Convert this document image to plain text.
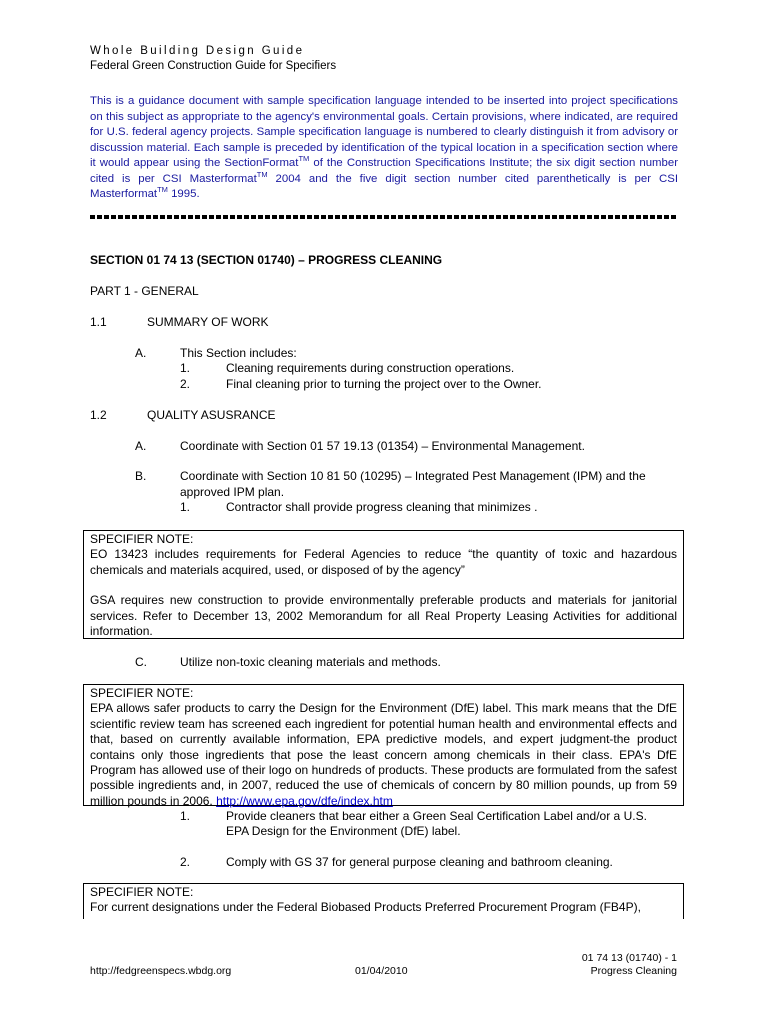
Whole Building Design Guide
Federal Green Construction Guide for Specifiers
This is a guidance document with sample specification language intended to be inserted into project specifications on this subject as appropriate to the agency's environmental goals. Certain provisions, where indicated, are required for U.S. federal agency projects. Sample specification language is numbered to clearly distinguish it from advisory or discussion material. Each sample is preceded by identification of the typical location in a specification section where it would appear using the SectionFormat™ of the Construction Specifications Institute; the six digit section number cited is per CSI Masterformat™ 2004 and the five digit section number cited parenthetically is per CSI Masterformat™ 1995.
SECTION 01 74 13 (SECTION 01740) – PROGRESS CLEANING
PART 1 - GENERAL
1.1	SUMMARY OF WORK
A.	This Section includes:
1.	Cleaning requirements during construction operations.
2.	Final cleaning prior to turning the project over to the Owner.
1.2	QUALITY ASUSRANCE
A.	Coordinate with Section 01 57 19.13 (01354) – Environmental Management.
B.	Coordinate with Section 10 81 50 (10295) – Integrated Pest Management (IPM) and the
approved IPM plan.
1.	Contractor shall provide progress cleaning that minimizes .

SPECIFIER NOTE:

EO 13423 includes requirements for Federal Agencies to reduce “the quantity of toxic and hazardous chemicals and materials acquired, used, or disposed of by the agency”

GSA requires new construction to provide environmentally preferable products and materials for janitorial services. Refer to December 13, 2002 Memorandum for all Real Property Leasing Activities for additional information.

C.	Utilize non-toxic cleaning materials and methods.

SPECIFIER NOTE:

EPA allows safer products to carry the Design for the Environment (DfE) label. This mark means that the DfE scientific review team has screened each ingredient for potential human health and environmental effects and that, based on currently available information, EPA predictive models, and expert judgment-the product contains only those ingredients that pose the least concern among chemicals in their class. EPA's DfE Program has allowed use of their logo on hundreds of products. These products are formulated from the safest possible ingredients and, in 2007, reduced the use of chemicals of concern by 80 million pounds, up from 59 million pounds in 2006. http://www.epa.gov/dfe/index.htm

1.	Provide cleaners that bear either a Green Seal Certification Label and/or a U.S.
EPA Design for the Environment (DfE) label.
2.	Comply with GS 37 for general purpose cleaning and bathroom cleaning.

SPECIFIER NOTE:

For current designations under the Federal Biobased Products Preferred Procurement Program (FB4P),

01 74 13 (01740) - 1
http://fedgreenspecs.wbdg.org	01/04/2010	Progress Cleaning
